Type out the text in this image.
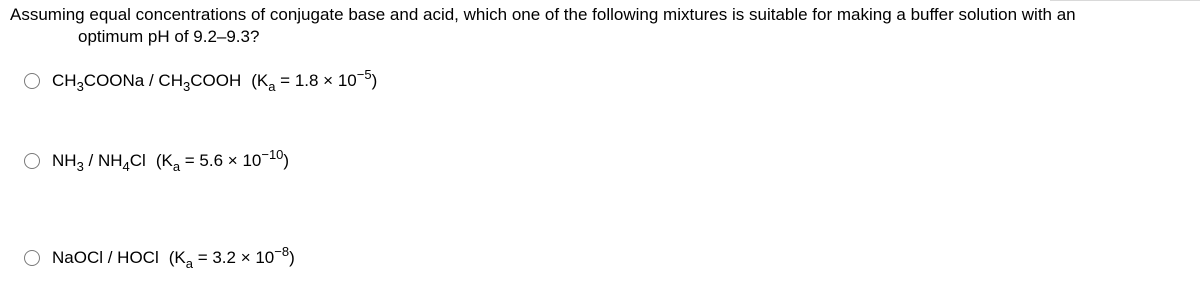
Assuming equal concentrations of conjugate base and acid, which one of the following mixtures is suitable for making a buffer solution with an
optimum pH of 9.2–9.3?
$CH_3COONa$ / $CH_3COOH$ $(K_a = 1.8 \times 10^{-5})$
$NH_3 / NH_4Cl$ $(K_a = 5.6 \times 10^{-10})$
NaOCl / HOCl $(K_a = 3.2 \times 10^{-8})$
